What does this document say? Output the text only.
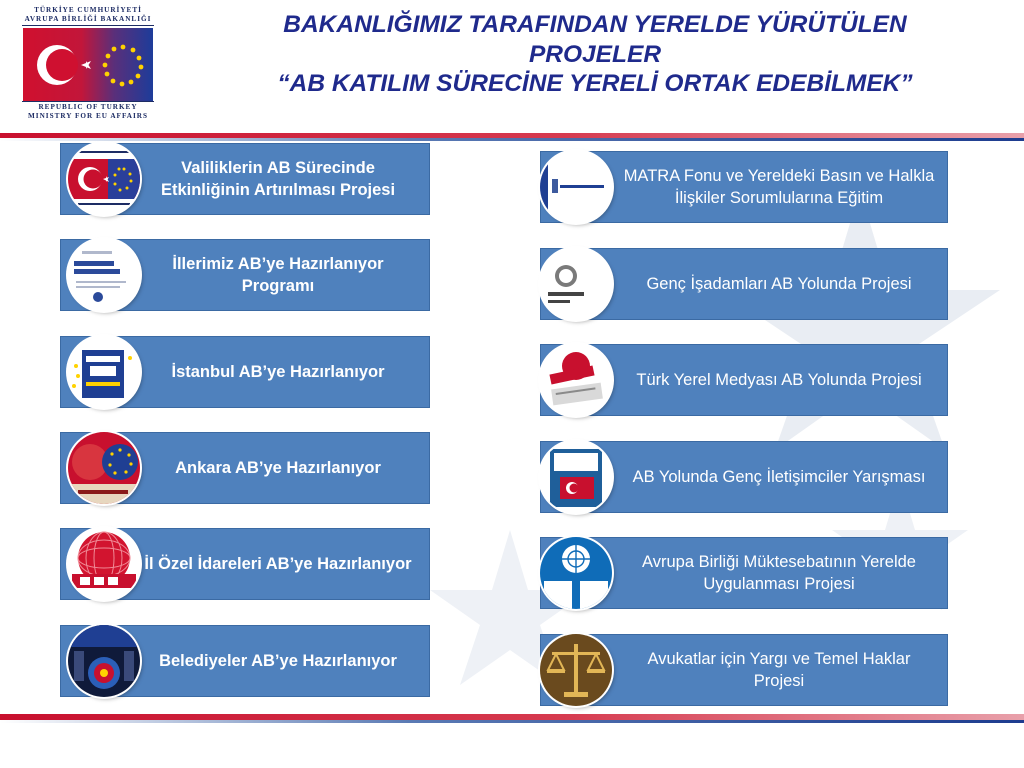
TÜRKİYE CUMHURİYETİ
AVRUPA BİRLİĞİ BAKANLIĞI
REPUBLIC OF TURKEY
MINISTRY FOR EU AFFAIRS
BAKANLIĞIMIZ TARAFINDAN YERELDE YÜRÜTÜLEN
PROJELER
“AB KATILIM SÜRECİNE YERELİ ORTAK EDEBİLMEK”
Valiliklerin AB Sürecinde Etkinliğinin Artırılması Projesi
İllerimiz AB’ye Hazırlanıyor Programı
İstanbul AB’ye Hazırlanıyor
Ankara AB’ye Hazırlanıyor
İl Özel İdareleri AB’ye Hazırlanıyor
Belediyeler AB’ye Hazırlanıyor
MATRA Fonu ve Yereldeki Basın ve Halkla İlişkiler Sorumlularına Eğitim
Genç İşadamları AB Yolunda Projesi
Türk Yerel Medyası AB Yolunda Projesi
AB Yolunda Genç İletişimciler Yarışması
Avrupa Birliği Müktesebatının Yerelde Uygulanması Projesi
Avukatlar için Yargı ve Temel Haklar Projesi
